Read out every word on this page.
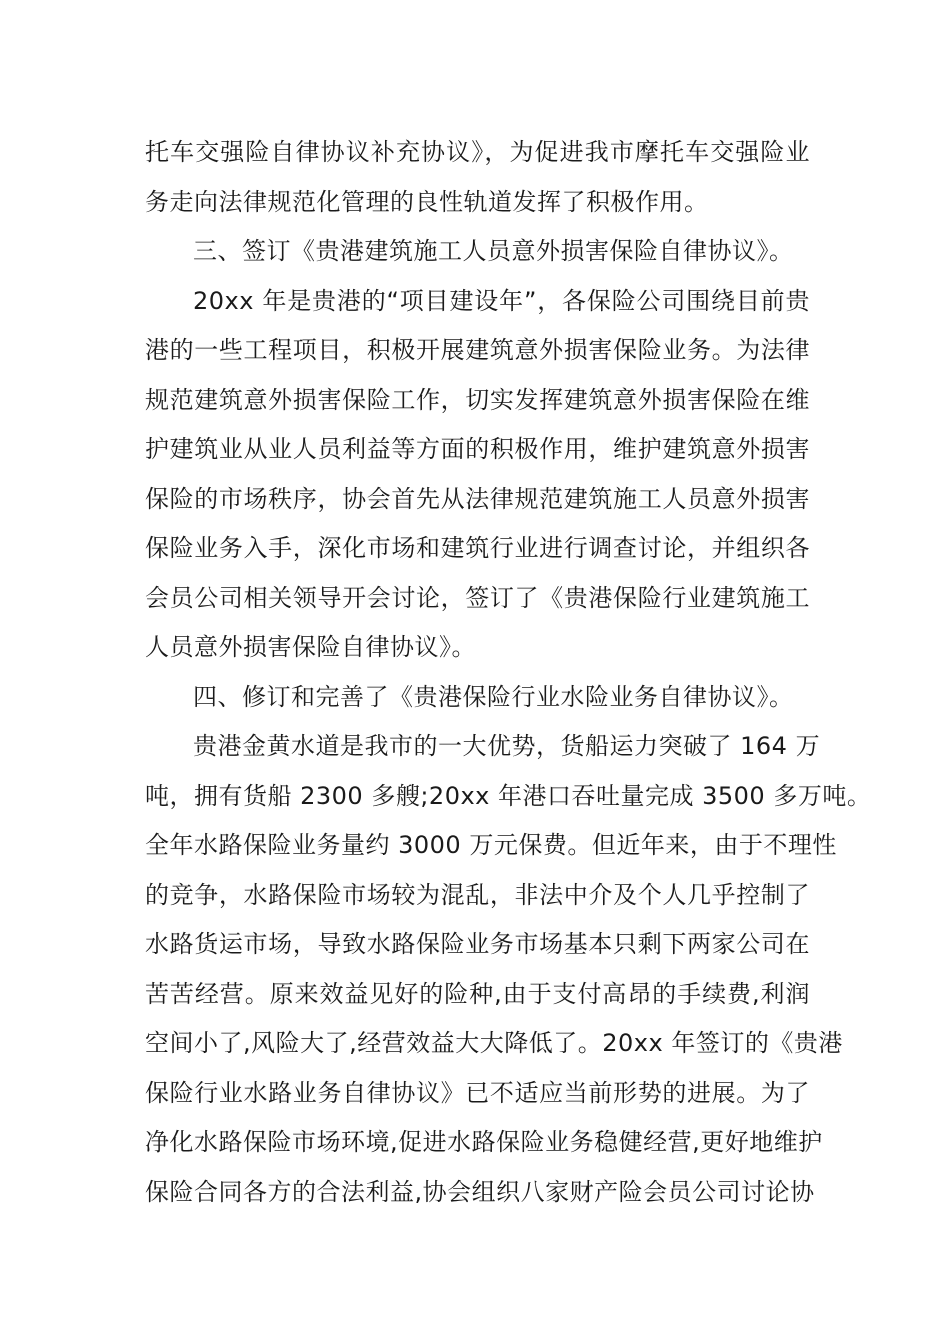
托车交强险自律协议补充协议》，为促进我市摩托车交强险业
务走向法律规范化管理的良性轨道发挥了积极作用。
三、签订《贵港建筑施工人员意外损害保险自律协议》。
20xx 年是贵港的“项目建设年”，各保险公司围绕目前贵
港的一些工程项目，积极开展建筑意外损害保险业务。为法律
规范建筑意外损害保险工作，切实发挥建筑意外损害保险在维
护建筑业从业人员利益等方面的积极作用，维护建筑意外损害
保险的市场秩序，协会首先从法律规范建筑施工人员意外损害
保险业务入手，深化市场和建筑行业进行调查讨论，并组织各
会员公司相关领导开会讨论，签订了《贵港保险行业建筑施工
人员意外损害保险自律协议》。
四、修订和完善了《贵港保险行业水险业务自律协议》。
贵港金黄水道是我市的一大优势，货船运力突破了 164 万
吨，拥有货船 2300 多艘;20xx 年港口吞吐量完成 3500 多万吨。
全年水路保险业务量约 3000 万元保费。但近年来，由于不理性
的竞争，水路保险市场较为混乱，非法中介及个人几乎控制了
水路货运市场，导致水路保险业务市场基本只剩下两家公司在
苦苦经营。原来效益见好的险种,由于支付高昂的手续费,利润
空间小了,风险大了,经营效益大大降低了。20xx 年签订的《贵港
保险行业水路业务自律协议》已不适应当前形势的进展。为了
净化水路保险市场环境,促进水路保险业务稳健经营,更好地维护
保险合同各方的合法利益,协会组织八家财产险会员公司讨论协
